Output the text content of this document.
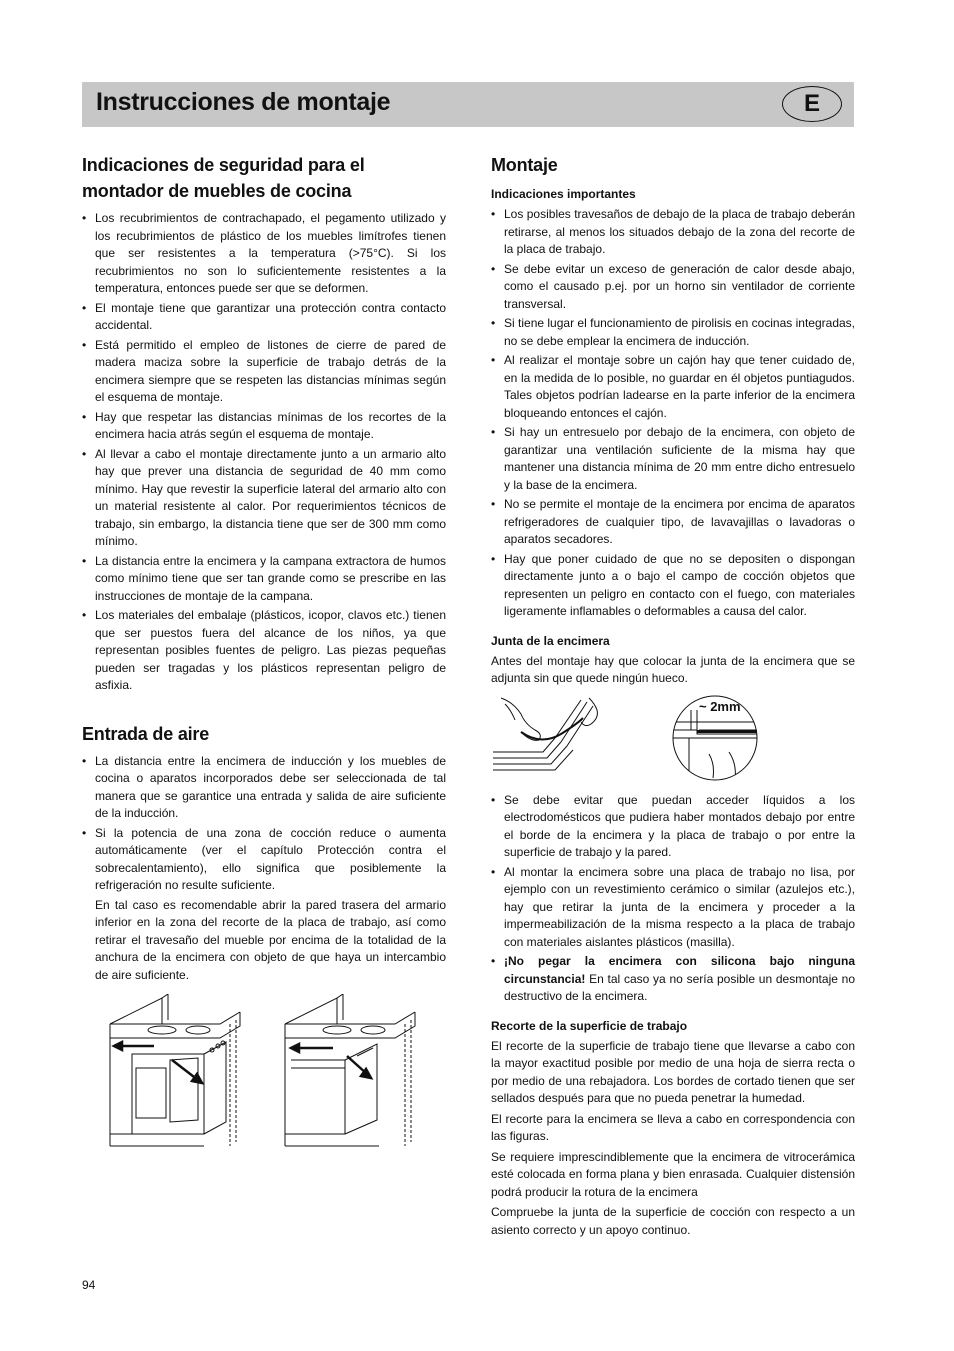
Instrucciones de montaje	E
Indicaciones de seguridad para el montador de muebles de cocina
• Los recubrimientos de contrachapado, el pegamento utilizado y los recubrimientos de plástico de los muebles limítrofes tienen que ser resistentes a la temperatura (>75°C). Si los recubrimientos no son lo suficientemente resistentes a la temperatura, entonces puede ser que se deformen.
• El montaje tiene que garantizar una protección contra contacto accidental.
• Está permitido el empleo de listones de cierre de pared de madera maciza sobre la superficie de trabajo detrás de la encimera siempre que se respeten las distancias mínimas según el esquema de montaje.
• Hay que respetar las distancias mínimas de los recortes de la encimera hacia atrás según el esquema de montaje.
• Al llevar a cabo el montaje directamente junto a un armario alto hay que prever una distancia de seguridad de 40 mm como mínimo. Hay que revestir la superficie lateral del armario alto con un material resistente al calor. Por requerimientos técnicos de trabajo, sin embargo, la distancia tiene que ser de 300 mm como mínimo.
• La distancia entre la encimera y la campana extractora de humos como mínimo tiene que ser tan grande como se prescribe en las instrucciones de montaje de la campana.
• Los materiales del embalaje (plásticos, icopor, clavos etc.) tienen que ser puestos fuera del alcance de los niños, ya que representan posibles fuentes de peligro. Las piezas pequeñas pueden ser tragadas y los plásticos representan peligro de asfixia.
Entrada de aire
• La distancia entre la encimera de inducción y los muebles de cocina o aparatos incorporados debe ser seleccionada de tal manera que se garantice una entrada y salida de aire suficiente de la inducción.
• Si la potencia de una zona de cocción reduce o aumenta automáticamente (ver el capítulo Protección contra el sobrecalentamiento), ello significa que posiblemente la refrigeración no resulte suficiente.

En tal caso es recomendable abrir la pared trasera del armario inferior en la zona del recorte de la placa de trabajo, así como retirar el travesaño del mueble por encima de la totalidad de la anchura de la encimera con objeto de que haya un intercambio de aire suficiente.

Montaje
Indicaciones importantes
• Los posibles travesaños de debajo de la placa de trabajo deberán retirarse, al menos los situados debajo de la zona del recorte de la placa de trabajo.
• Se debe evitar un exceso de generación de calor desde abajo, como el causado p.ej. por un horno sin ventilador de corriente transversal.
• Si tiene lugar el funcionamiento de pirolisis en cocinas integradas, no se debe emplear la encimera de inducción.
• Al realizar el montaje sobre un cajón hay que tener cuidado de, en la medida de lo posible, no guardar en él objetos puntiagudos. Tales objetos podrían ladearse en la parte inferior de la encimera bloqueando entonces el cajón.
• Si hay un entresuelo por debajo de la encimera, con objeto de garantizar una ventilación suficiente de la misma hay que mantener una distancia mínima de 20 mm entre dicho entresuelo y la base de la encimera.
• No se permite el montaje de la encimera por encima de aparatos refrigeradores de cualquier tipo, de lavavajillas o lavadoras o aparatos secadores.
• Hay que poner cuidado de que no se depositen o dispongan directamente junto a o bajo el campo de cocción objetos que representen un peligro en contacto con el fuego, con materiales ligeramente inflamables o deformables a causa del calor.
Junta de la encimera

Antes del montaje hay que colocar la junta de la encimera que se adjunta sin que quede ningún hueco.

~ 2mm
• Se debe evitar que puedan acceder líquidos a los electrodomésticos que pudiera haber montados debajo por entre el borde de la encimera y la placa de trabajo o por entre la superficie de trabajo y la pared.
• Al montar la encimera sobre una placa de trabajo no lisa, por ejemplo con un revestimiento cerámico o similar (azulejos etc.), hay que retirar la junta de la encimera y proceder a la impermeabilización de la misma respecto a la placa de trabajo con materiales aislantes plásticos (masilla).
• ¡No pegar la encimera con silicona bajo ninguna circunstancia! En tal caso ya no sería posible un desmontaje no destructivo de la encimera.
Recorte de la superficie de trabajo

El recorte de la superficie de trabajo tiene que llevarse a cabo con la mayor exactitud posible por medio de una hoja de sierra recta o por medio de una rebajadora. Los bordes de cortado tienen que ser sellados después para que no pueda penetrar la humedad.

El recorte para la encimera se lleva a cabo en correspondencia con las figuras.

Se requiere imprescindiblemente que la encimera de vitrocerámica esté colocada en forma plana y bien enrasada. Cualquier distensión podrá producir la rotura de la encimera

Compruebe la junta de la superficie de cocción con respecto a un asiento correcto y un apoyo continuo.

94
